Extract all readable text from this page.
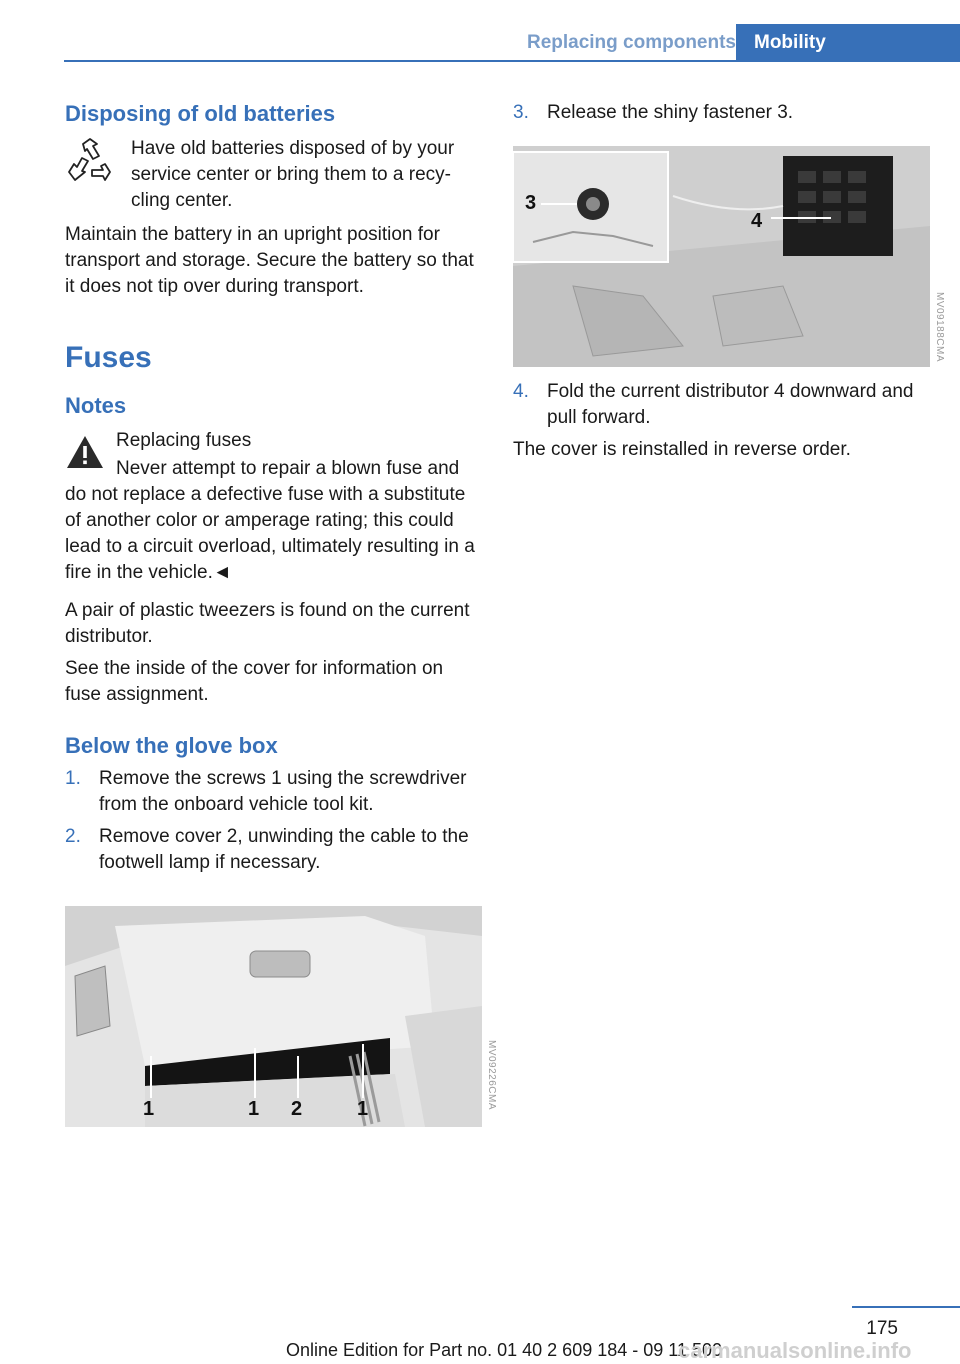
Replacing components Mobility
Disposing of old batteries

Have old batteries disposed of by your service center or bring them to a recy-cling center.

Maintain the battery in an upright position for transport and storage. Secure the battery so that it does not tip over during transport.

Fuses
Notes

Replacing fuses

Never attempt to repair a blown fuse and do not replace a defective fuse with a substitute of another color or amperage rating; this could lead to a circuit overload, ultimately resulting in a fire in the vehicle.◄

A pair of plastic tweezers is found on the current distributor.

See the inside of the cover for information on fuse assignment.

Below the glove box
1. Remove the screws 1 using the screwdriver from the onboard vehicle tool kit.
2. Remove cover 2, unwinding the cable to the footwell lamp if necessary.
1	1 2	1	MV09226CMA
3. Release the shiny fastener 3.
3
4
4. Fold the current distributor 4 downward and pull forward.

The cover is reinstalled in reverse order.

MV09188CMA
175
Online Edition for Part no. 01 40 2 609 184 - 09 11 500
carmanualsonline.info
